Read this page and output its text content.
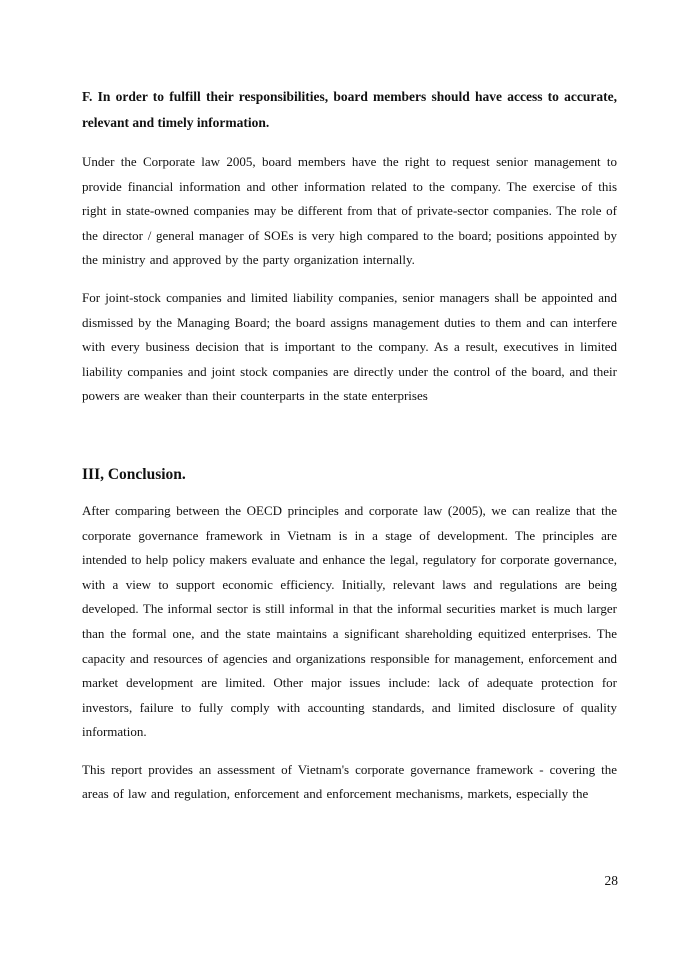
F. In order to fulfill their responsibilities, board members should have access to accurate, relevant and timely information.

Under the Corporate law 2005, board members have the right to request senior management to provide financial information and other information related to the company. The exercise of this right in state-owned companies may be different from that of private-sector companies. The role of the director / general manager of SOEs is very high compared to the board; positions appointed by the ministry and approved by the party organization internally.

For joint-stock companies and limited liability companies, senior managers shall be appointed and dismissed by the Managing Board; the board assigns management duties to them and can interfere with every business decision that is important to the company. As a result, executives in limited liability companies and joint stock companies are directly under the control of the board, and their powers are weaker than their counterparts in the state enterprises

III, Conclusion.

After comparing between the OECD principles and corporate law (2005), we can realize that the corporate governance framework in Vietnam is in a stage of development. The principles are intended to help policy makers evaluate and enhance the legal, regulatory for corporate governance, with a view to support economic efficiency. Initially, relevant laws and regulations are being developed. The informal sector is still informal in that the informal securities market is much larger than the formal one, and the state maintains a significant shareholding equitized enterprises. The capacity and resources of agencies and organizations responsible for management, enforcement and market development are limited. Other major issues include: lack of adequate protection for investors, failure to fully comply with accounting standards, and limited disclosure of quality information.

This report provides an assessment of Vietnam's corporate governance framework - covering the areas of law and regulation, enforcement and enforcement mechanisms, markets, especially the

28
